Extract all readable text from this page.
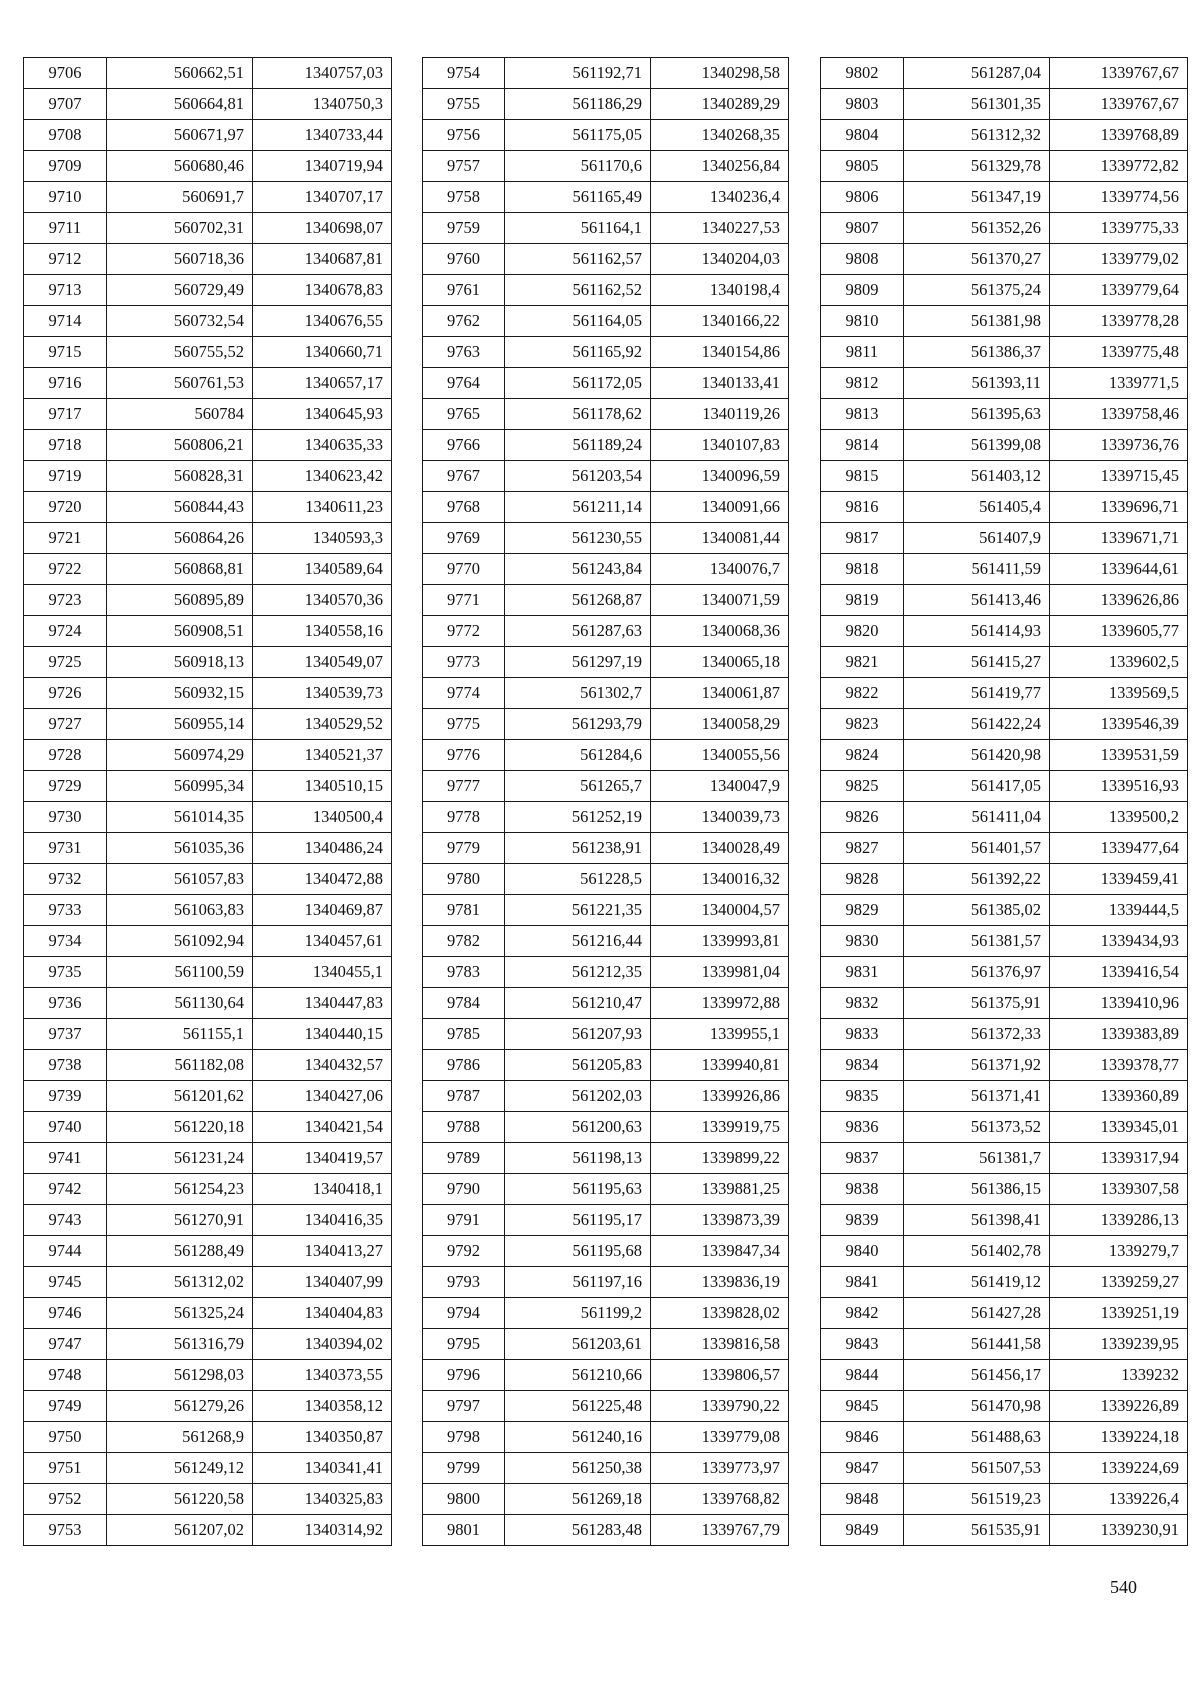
9706	560662,51	1340757,03
9707	560664,81	1340750,3
9708	560671,97	1340733,44
9709	560680,46	1340719,94
9710	560691,7	1340707,17
9711	560702,31	1340698,07
9712	560718,36	1340687,81
9713	560729,49	1340678,83
9714	560732,54	1340676,55
9715	560755,52	1340660,71
9716	560761,53	1340657,17
9717	560784	1340645,93
9718	560806,21	1340635,33
9719	560828,31	1340623,42
9720	560844,43	1340611,23
9721	560864,26	1340593,3
9722	560868,81	1340589,64
9723	560895,89	1340570,36
9724	560908,51	1340558,16
9725	560918,13	1340549,07
9726	560932,15	1340539,73
9727	560955,14	1340529,52
9728	560974,29	1340521,37
9729	560995,34	1340510,15
9730	561014,35	1340500,4
9731	561035,36	1340486,24
9732	561057,83	1340472,88
9733	561063,83	1340469,87
9734	561092,94	1340457,61
9735	561100,59	1340455,1
9736	561130,64	1340447,83
9737	561155,1	1340440,15
9738	561182,08	1340432,57
9739	561201,62	1340427,06
9740	561220,18	1340421,54
9741	561231,24	1340419,57
9742	561254,23	1340418,1
9743	561270,91	1340416,35
9744	561288,49	1340413,27
9745	561312,02	1340407,99
9746	561325,24	1340404,83
9747	561316,79	1340394,02
9748	561298,03	1340373,55
9749	561279,26	1340358,12
9750	561268,9	1340350,87
9751	561249,12	1340341,41
9752	561220,58	1340325,83
9753	561207,02	1340314,92
9754	561192,71	1340298,58
9755	561186,29	1340289,29
9756	561175,05	1340268,35
9757	561170,6	1340256,84
9758	561165,49	1340236,4
9759	561164,1	1340227,53
9760	561162,57	1340204,03
9761	561162,52	1340198,4
9762	561164,05	1340166,22
9763	561165,92	1340154,86
9764	561172,05	1340133,41
9765	561178,62	1340119,26
9766	561189,24	1340107,83
9767	561203,54	1340096,59
9768	561211,14	1340091,66
9769	561230,55	1340081,44
9770	561243,84	1340076,7
9771	561268,87	1340071,59
9772	561287,63	1340068,36
9773	561297,19	1340065,18
9774	561302,7	1340061,87
9775	561293,79	1340058,29
9776	561284,6	1340055,56
9777	561265,7	1340047,9
9778	561252,19	1340039,73
9779	561238,91	1340028,49
9780	561228,5	1340016,32
9781	561221,35	1340004,57
9782	561216,44	1339993,81
9783	561212,35	1339981,04
9784	561210,47	1339972,88
9785	561207,93	1339955,1
9786	561205,83	1339940,81
9787	561202,03	1339926,86
9788	561200,63	1339919,75
9789	561198,13	1339899,22
9790	561195,63	1339881,25
9791	561195,17	1339873,39
9792	561195,68	1339847,34
9793	561197,16	1339836,19
9794	561199,2	1339828,02
9795	561203,61	1339816,58
9796	561210,66	1339806,57
9797	561225,48	1339790,22
9798	561240,16	1339779,08
9799	561250,38	1339773,97
9800	561269,18	1339768,82
9801	561283,48	1339767,79
9802	561287,04	1339767,67
9803	561301,35	1339767,67
9804	561312,32	1339768,89
9805	561329,78	1339772,82
9806	561347,19	1339774,56
9807	561352,26	1339775,33
9808	561370,27	1339779,02
9809	561375,24	1339779,64
9810	561381,98	1339778,28
9811	561386,37	1339775,48
9812	561393,11	1339771,5
9813	561395,63	1339758,46
9814	561399,08	1339736,76
9815	561403,12	1339715,45
9816	561405,4	1339696,71
9817	561407,9	1339671,71
9818	561411,59	1339644,61
9819	561413,46	1339626,86
9820	561414,93	1339605,77
9821	561415,27	1339602,5
9822	561419,77	1339569,5
9823	561422,24	1339546,39
9824	561420,98	1339531,59
9825	561417,05	1339516,93
9826	561411,04	1339500,2
9827	561401,57	1339477,64
9828	561392,22	1339459,41
9829	561385,02	1339444,5
9830	561381,57	1339434,93
9831	561376,97	1339416,54
9832	561375,91	1339410,96
9833	561372,33	1339383,89
9834	561371,92	1339378,77
9835	561371,41	1339360,89
9836	561373,52	1339345,01
9837	561381,7	1339317,94
9838	561386,15	1339307,58
9839	561398,41	1339286,13
9840	561402,78	1339279,7
9841	561419,12	1339259,27
9842	561427,28	1339251,19
9843	561441,58	1339239,95
9844	561456,17	1339232
9845	561470,98	1339226,89
9846	561488,63	1339224,18
9847	561507,53	1339224,69
9848	561519,23	1339226,4
9849	561535,91	1339230,91
540
